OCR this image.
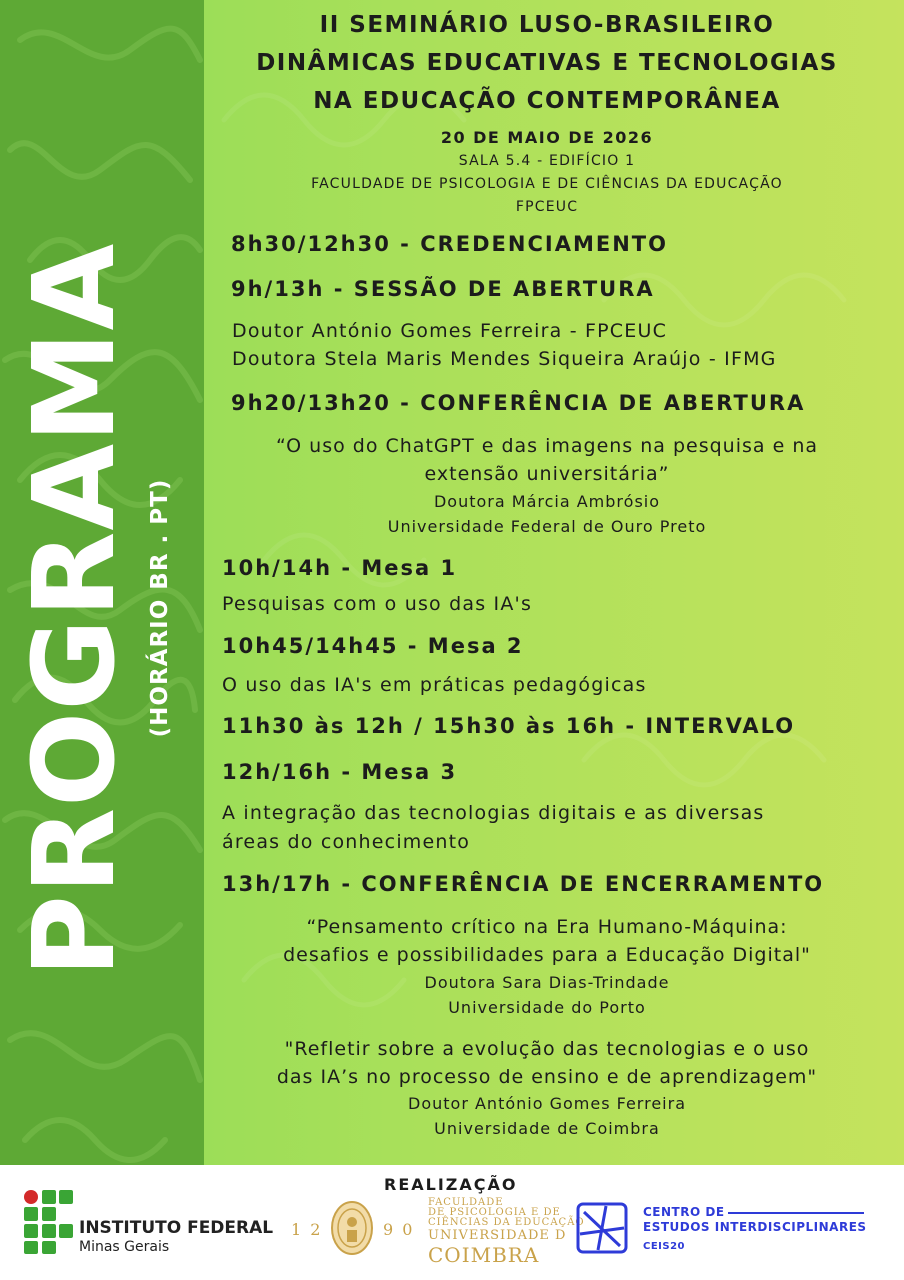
PROGRAMA (HORÁRIO BR . PT)
II SEMINÁRIO LUSO-BRASILEIRO
DINÂMICAS EDUCATIVAS E TECNOLOGIAS
NA EDUCAÇÃO CONTEMPORÂNEA
20 DE MAIO DE 2026
SALA 5.4 - EDIFÍCIO 1
FACULDADE DE PSICOLOGIA E DE CIÊNCIAS DA EDUCAÇÃO
FPCEUC
8h30/12h30 - CREDENCIAMENTO
9h/13h - SESSÃO DE ABERTURA
Doutor António Gomes Ferreira - FPCEUC
Doutora Stela Maris Mendes Siqueira Araújo - IFMG
9h20/13h20 - CONFERÊNCIA DE ABERTURA
“O uso do ChatGPT e das imagens na pesquisa e na
extensão universitária”
Doutora Márcia Ambrósio
Universidade Federal de Ouro Preto
10h/14h - Mesa 1
Pesquisas com o uso das IA's
10h45/14h45 - Mesa 2
O uso das IA's em práticas pedagógicas
11h30 às 12h / 15h30 às 16h - INTERVALO
12h/16h - Mesa 3
A integração das tecnologias digitais e as diversas
áreas do conhecimento
13h/17h - CONFERÊNCIA DE ENCERRAMENTO
“Pensamento crítico na Era Humano-Máquina:
desafios e possibilidades para a Educação Digital"
Doutora Sara Dias-Trindade
Universidade do Porto
"Refletir sobre a evolução das tecnologias e o uso
das IA’s no processo de ensino e de aprendizagem"
Doutor António Gomes Ferreira
Universidade de Coimbra
REALIZAÇÃO
INSTITUTO FEDERAL
Minas Gerais
1 2	9 0
FACULDADE
DE PSICOLOGIA E DE
CIÊNCIAS DA EDUCAÇÃO
UNIVERSIDADE D
COIMBRA
CENTRO DE
ESTUDOS INTERDISCIPLINARES
CEIS20
